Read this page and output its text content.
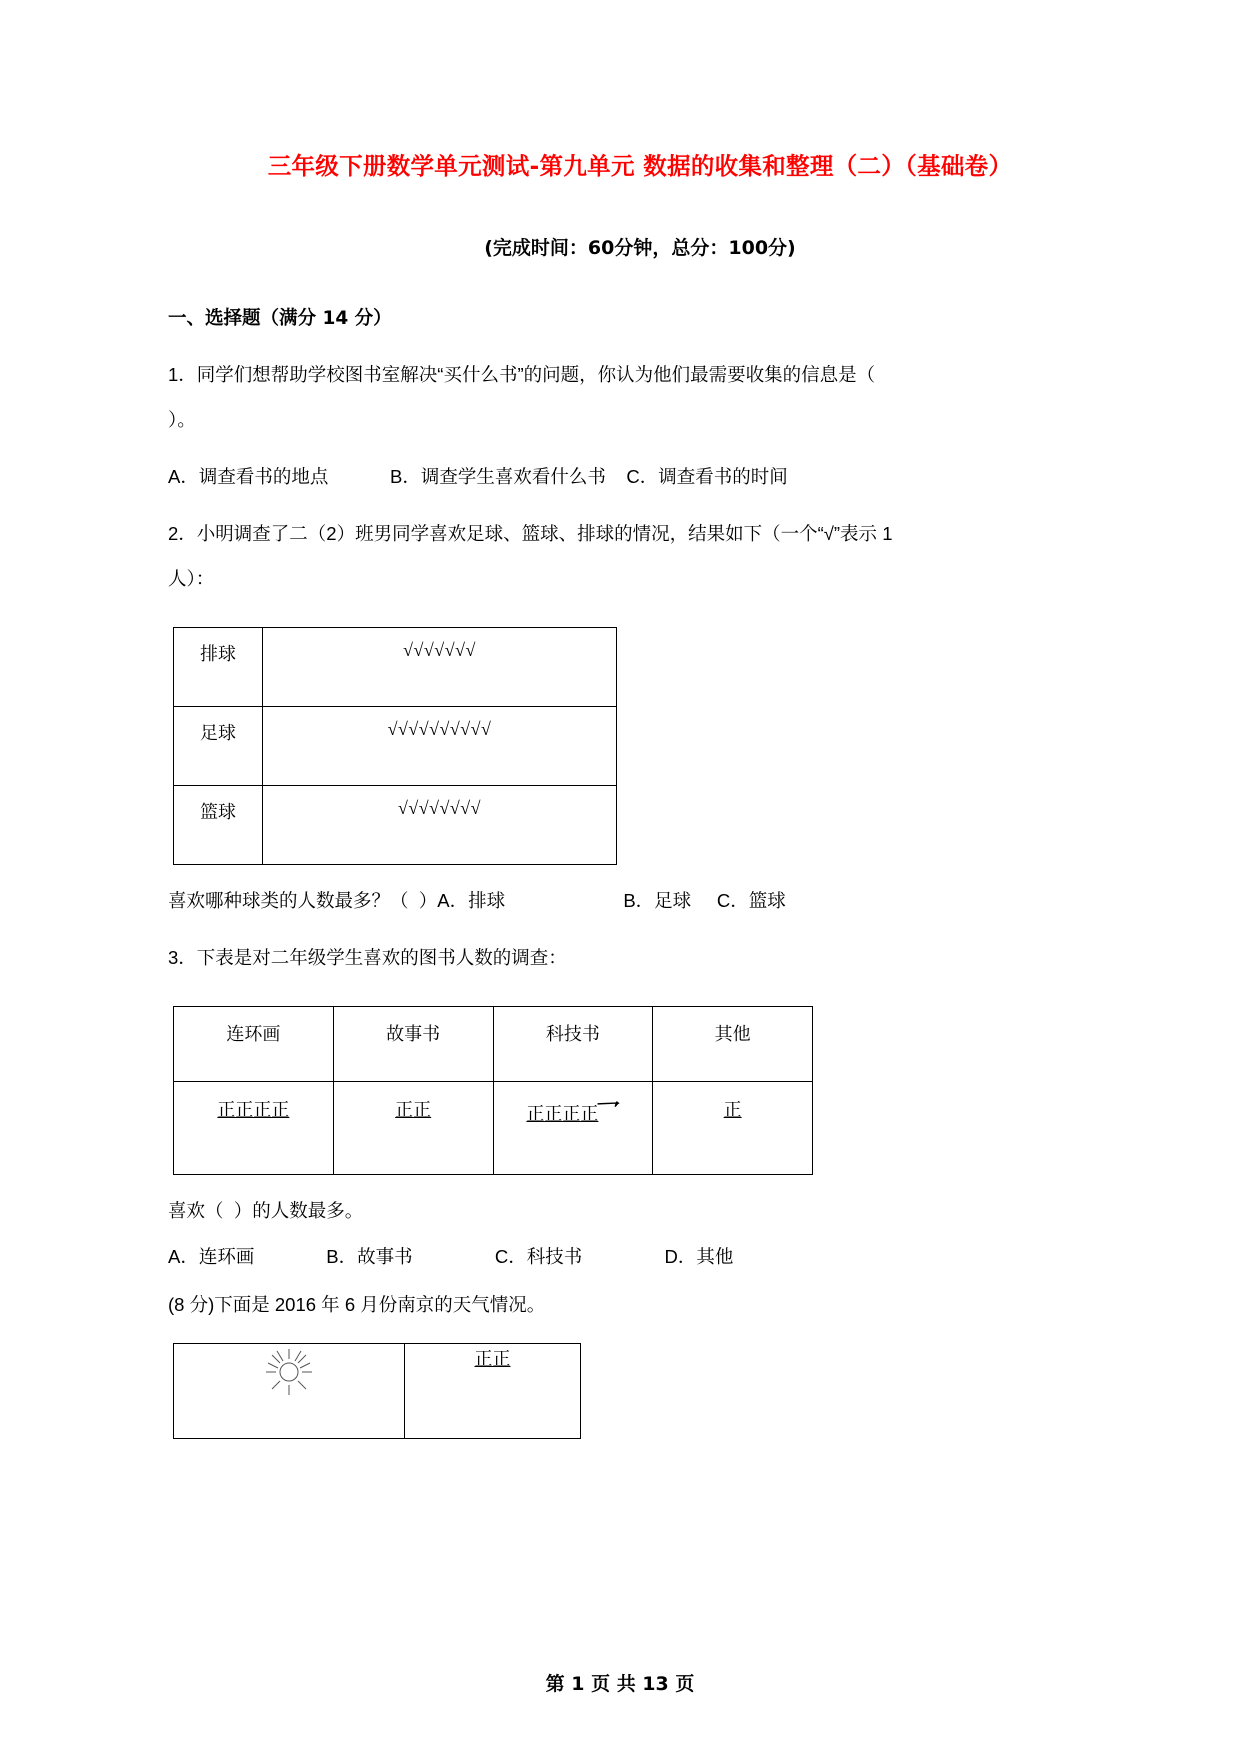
三年级下册数学单元测试-第九单元 数据的收集和整理（二）（基础卷）
(完成时间：60分钟，总分：100分)
一、选择题（满分 14 分）
1．同学们想帮助学校图书室解决“买什么书”的问题，你认为他们最需要收集的信息是（
）。
A．调查看书的地点            B．调查学生喜欢看什么书    C．调查看书的时间
2．小明调查了二（2）班男同学喜欢足球、篮球、排球的情况，结果如下（一个“√”表示 1
人）：
排球	√√√√√√√
足球	√√√√√√√√√√
篮球	√√√√√√√√
喜欢哪种球类的人数最多？（  ）A．排球                       B．足球     C．篮球
3．下表是对二年级学生喜欢的图书人数的调查：
连环画	故事书	科技书	其他
正正正正	正正	正正正正乛	正
喜欢（  ）的人数最多。
A．连环画              B．故事书                C．科技书                D．其他
(8 分)下面是 2016 年 6 月份南京的天气情况。
	正正
第 1 页 共 13 页
